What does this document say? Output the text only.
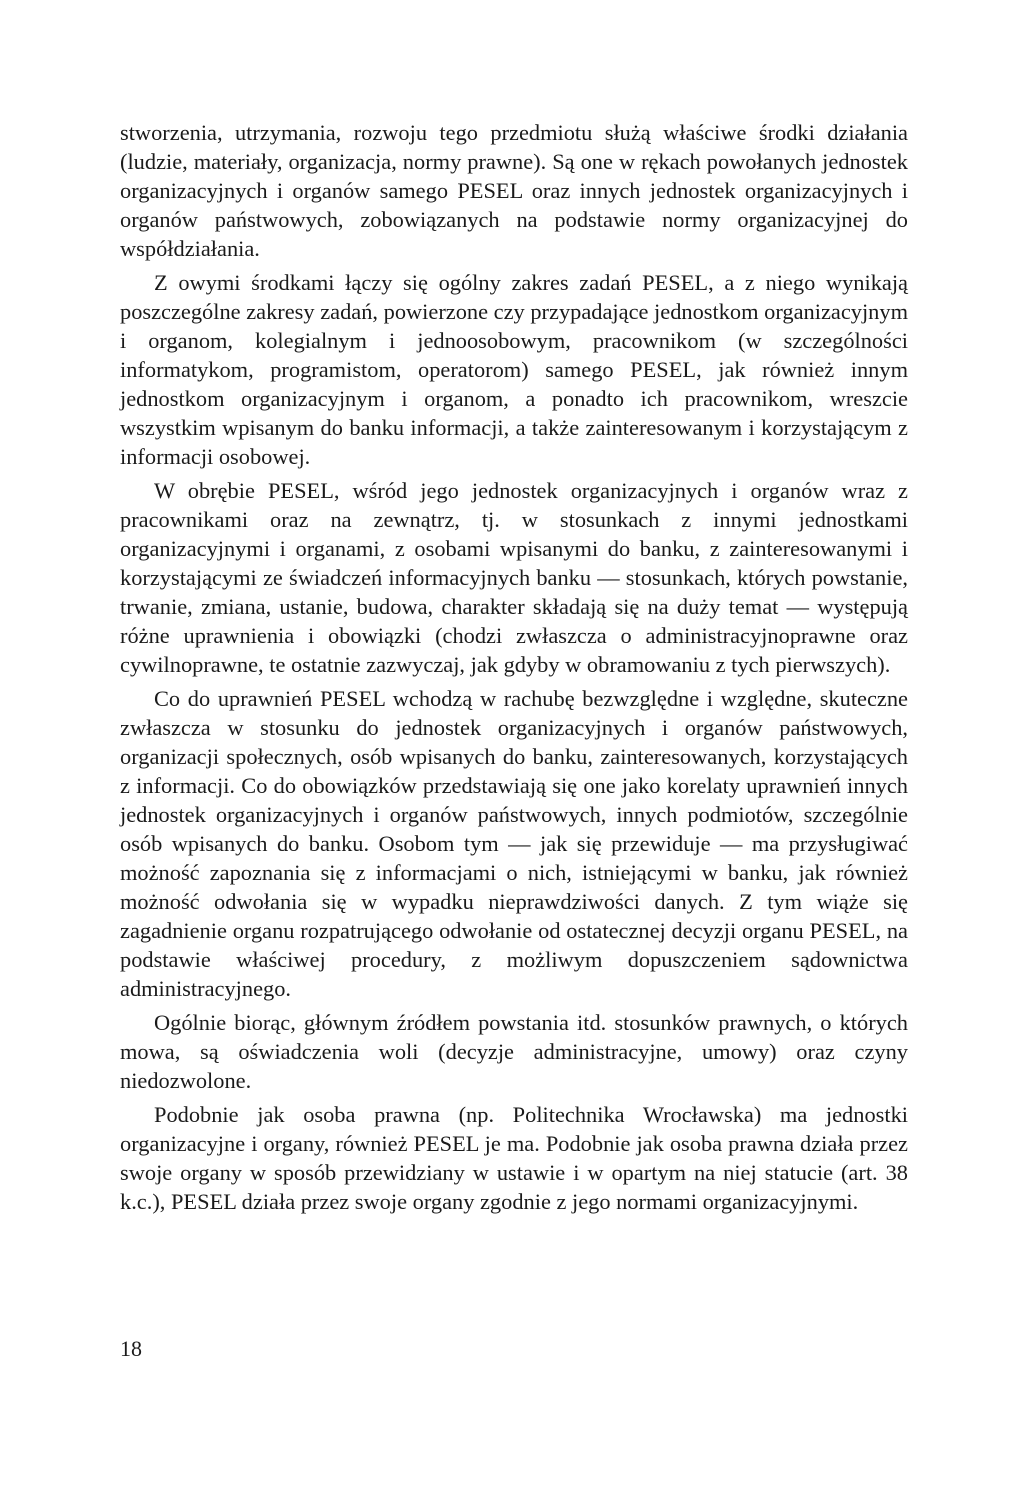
stworzenia, utrzymania, rozwoju tego przedmiotu służą właściwe środki działania (ludzie, materiały, organizacja, normy prawne). Są one w rękach powołanych jednostek organizacyjnych i organów samego PESEL oraz innych jednostek organizacyjnych i organów państwowych, zobowiązanych na podstawie normy organizacyjnej do współdziałania.

Z owymi środkami łączy się ogólny zakres zadań PESEL, a z niego wynikają poszczególne zakresy zadań, powierzone czy przypadające jednostkom organizacyjnym i organom, kolegialnym i jednoosobowym, pracownikom (w szczególności informatykom, programistom, operatorom) samego PESEL, jak również innym jednostkom organizacyjnym i organom, a ponadto ich pracownikom, wreszcie wszystkim wpisanym do banku informacji, a także zainteresowanym i korzystającym z informacji osobowej.

W obrębie PESEL, wśród jego jednostek organizacyjnych i organów wraz z pracownikami oraz na zewnątrz, tj. w stosunkach z innymi jednostkami organizacyjnymi i organami, z osobami wpisanymi do banku, z zainteresowanymi i korzystającymi ze świadczeń informacyjnych banku — stosunkach, których powstanie, trwanie, zmiana, ustanie, budowa, charakter składają się na duży temat — występują różne uprawnienia i obowiązki (chodzi zwłaszcza o administracyjnoprawne oraz cywilnoprawne, te ostatnie zazwyczaj, jak gdyby w obramowaniu z tych pierwszych).

Co do uprawnień PESEL wchodzą w rachubę bezwzględne i względne, skuteczne zwłaszcza w stosunku do jednostek organizacyjnych i organów państwowych, organizacji społecznych, osób wpisanych do banku, zainteresowanych, korzystających z informacji. Co do obowiązków przedstawiają się one jako korelaty uprawnień innych jednostek organizacyjnych i organów państwowych, innych podmiotów, szczególnie osób wpisanych do banku. Osobom tym — jak się przewiduje — ma przysługiwać możność zapoznania się z informacjami o nich, istniejącymi w banku, jak również możność odwołania się w wypadku nieprawdziwości danych. Z tym wiąże się zagadnienie organu rozpatrującego odwołanie od ostatecznej decyzji organu PESEL, na podstawie właściwej procedury, z możliwym dopuszczeniem sądownictwa administracyjnego.

Ogólnie biorąc, głównym źródłem powstania itd. stosunków prawnych, o których mowa, są oświadczenia woli (decyzje administracyjne, umowy) oraz czyny niedozwolone.

Podobnie jak osoba prawna (np. Politechnika Wrocławska) ma jednostki organizacyjne i organy, również PESEL je ma. Podobnie jak osoba prawna działa przez swoje organy w sposób przewidziany w ustawie i w opartym na niej statucie (art. 38 k.c.), PESEL działa przez swoje organy zgodnie z jego normami organizacyjnymi.

18
